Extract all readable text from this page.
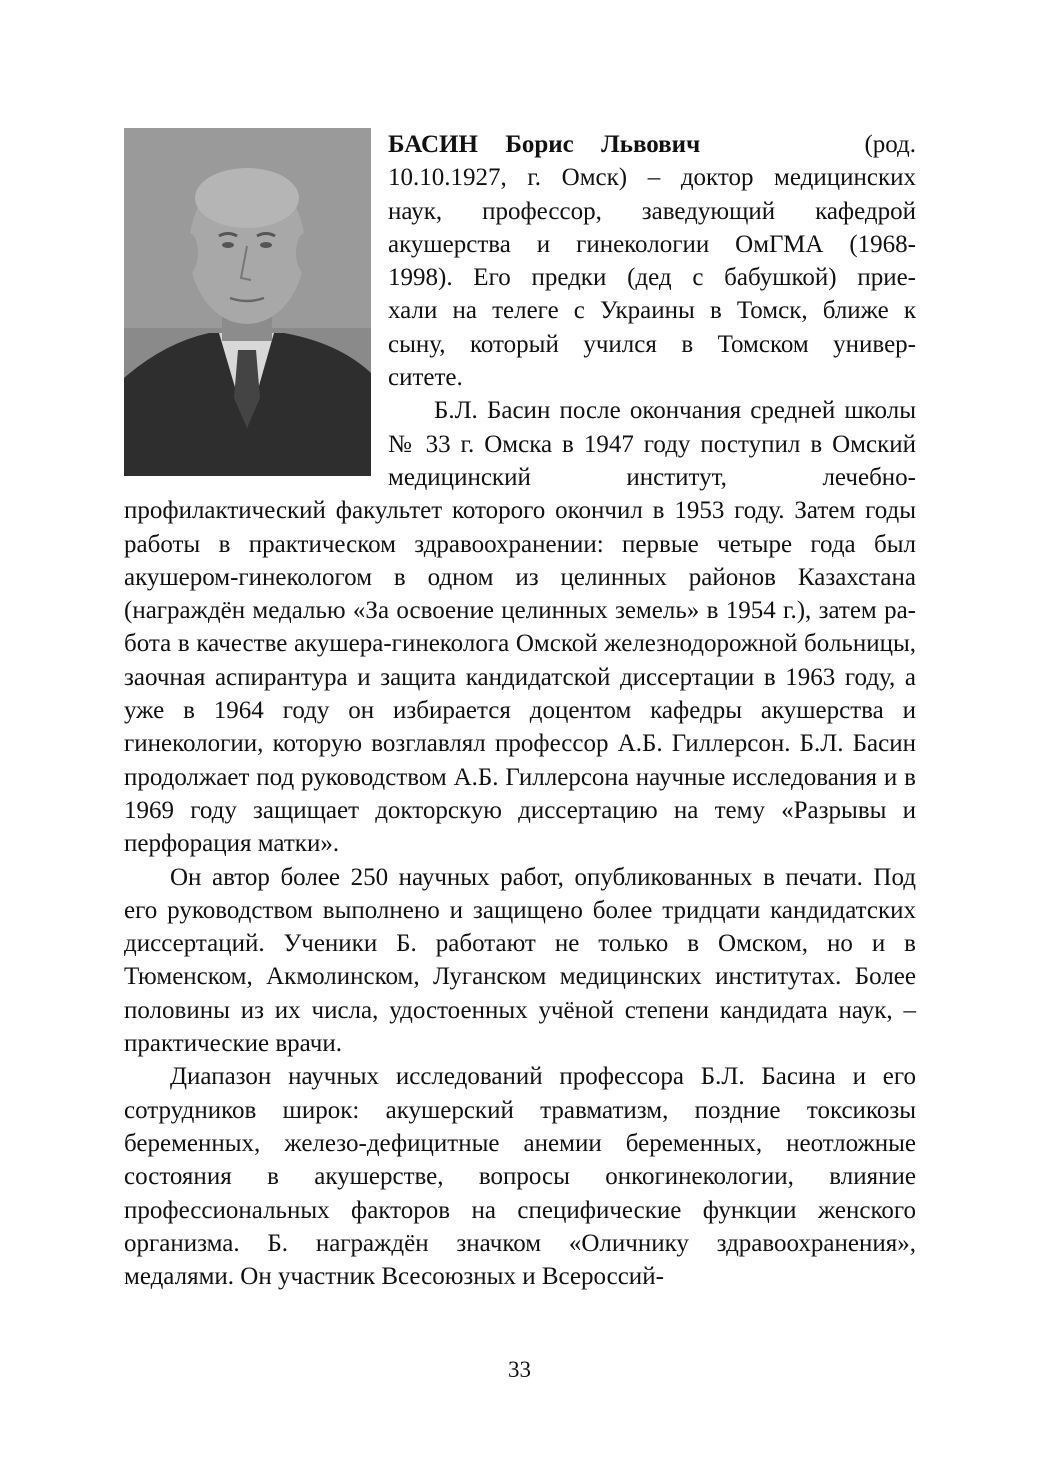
БАСИН Борис Львович	(род.
10.10.1927, г. Омск) – доктор медицинских
наук, профессор, заведующий кафедрой
акушерства и гинекологии ОмГМА (1968-
1998). Его предки (дед с бабушкой) прие-
хали на телеге с Украины в Томск, ближе к
сыну, который учился в Томском универ-
ситете.

Б.Л. Басин после окончания средней школы № 33 г. Омска в 1947 году поступил в Омский медицинский институт, лечебно-профилактический факультет которого окончил в 1953 году. Затем годы работы в практическом здравоохранении: первые четыре года был акушером-гинекологом в одном из целинных районов Казахстана (награждён медалью «За освоение целинных земель» в 1954 г.), затем работа в качестве акушера-гинеколога Омской железнодорожной больницы, заочная аспирантура и защита кандидатской диссертации в 1963 году, а уже в 1964 году он избирается доцентом кафедры акушерства и гинекологии, которую возглавлял профессор А.Б. Гиллерсон. Б.Л. Басин продолжает под руководством А.Б. Гиллерсона научные исследования и в 1969 году защищает докторскую диссертацию на тему «Разрывы и перфорация матки».

Он автор более 250 научных работ, опубликованных в печати. Под его руководством выполнено и защищено более тридцати кандидатских диссертаций. Ученики Б. работают не только в Омском, но и в Тюменском, Акмолинском, Луганском медицинских институтах. Более половины из их числа, удостоенных учёной степени кандидата наук, – практические врачи.

Диапазон научных исследований профессора Б.Л. Басина и его сотрудников широк: акушерский травматизм, поздние токсикозы беременных, железо-дефицитные анемии беременных, неотложные состояния в акушерстве, вопросы онкогинекологии, влияние профессиональных факторов на специфические функции женского организма. Б. награждён значком «Оличнику здравоохранения», медалями. Он участник Всесоюзных и Всероссий-

33
